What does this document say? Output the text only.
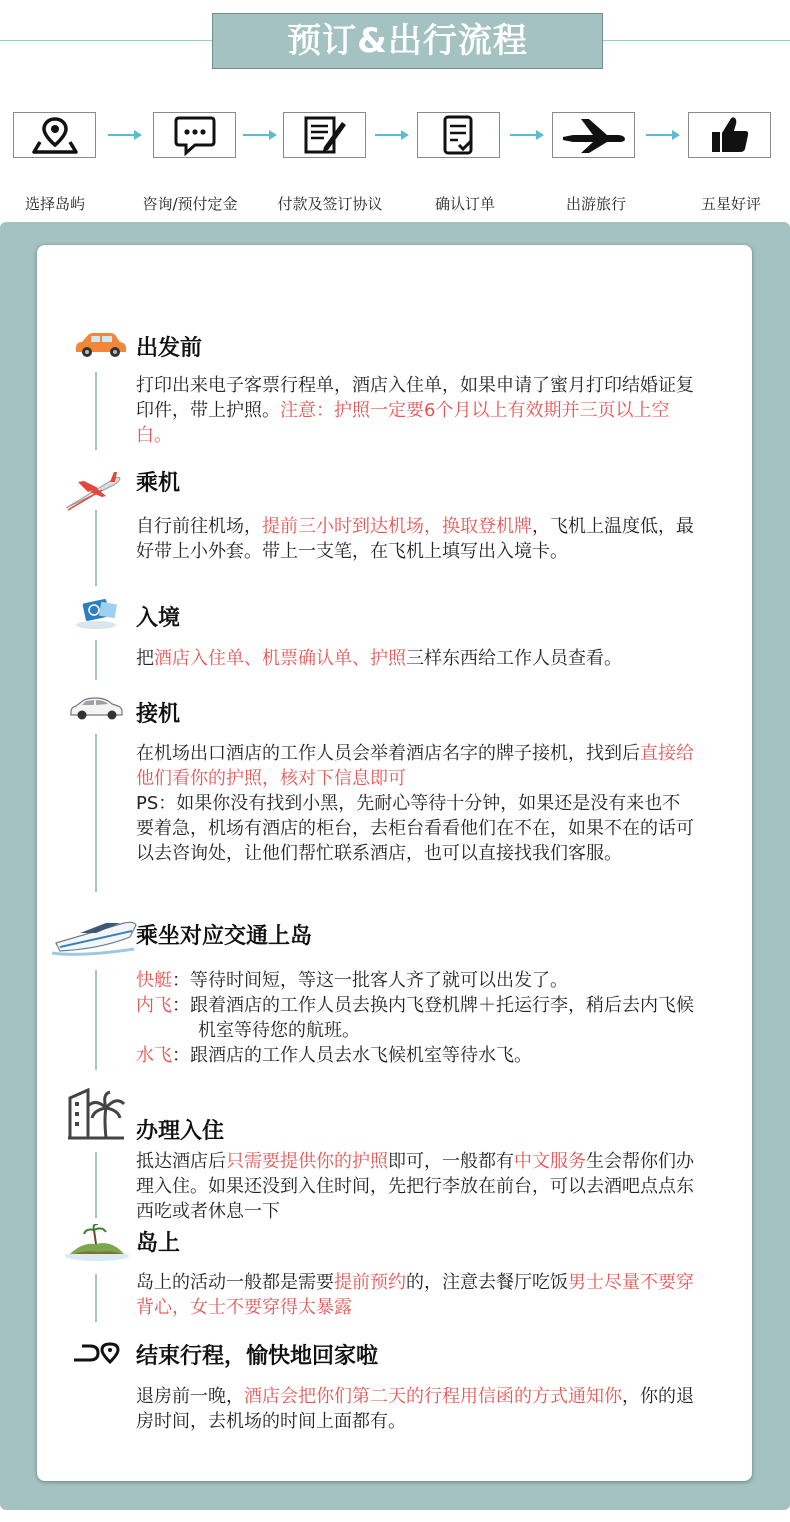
预订&出行流程
选择岛屿	咨询/预付定金	付款及签订协议	确认订单	出游旅行	五星好评
出发前
打印出来电子客票行程单，酒店入住单，如果申请了蜜月打印结婚证复印件，带上护照。注意：护照一定要6个月以上有效期并三页以上空白。
乘机
自行前往机场，提前三小时到达机场，换取登机牌，飞机上温度低，最好带上小外套。带上一支笔，在飞机上填写出入境卡。
入境
把酒店入住单、机票确认单、护照三样东西给工作人员查看。
接机
在机场出口酒店的工作人员会举着酒店名字的牌子接机，找到后直接给他们看你的护照，核对下信息即可
PS：如果你没有找到小黑，先耐心等待十分钟，如果还是没有来也不要着急，机场有酒店的柜台，去柜台看看他们在不在，如果不在的话可以去咨询处，让他们帮忙联系酒店，也可以直接找我们客服。
乘坐对应交通上岛
快艇：等待时间短，等这一批客人齐了就可以出发了。
内飞：跟着酒店的工作人员去换内飞登机牌＋托运行李，稍后去内飞候机室等待您的航班。
水飞：跟酒店的工作人员去水飞候机室等待水飞。
办理入住
抵达酒店后只需要提供你的护照即可，一般都有中文服务生会帮你们办理入住。如果还没到入住时间，先把行李放在前台，可以去酒吧点点东西吃或者休息一下
岛上
岛上的活动一般都是需要提前预约的，注意去餐厅吃饭男士尽量不要穿背心，女士不要穿得太暴露
结束行程，愉快地回家啦
退房前一晚，酒店会把你们第二天的行程用信函的方式通知你，你的退房时间，去机场的时间上面都有。
